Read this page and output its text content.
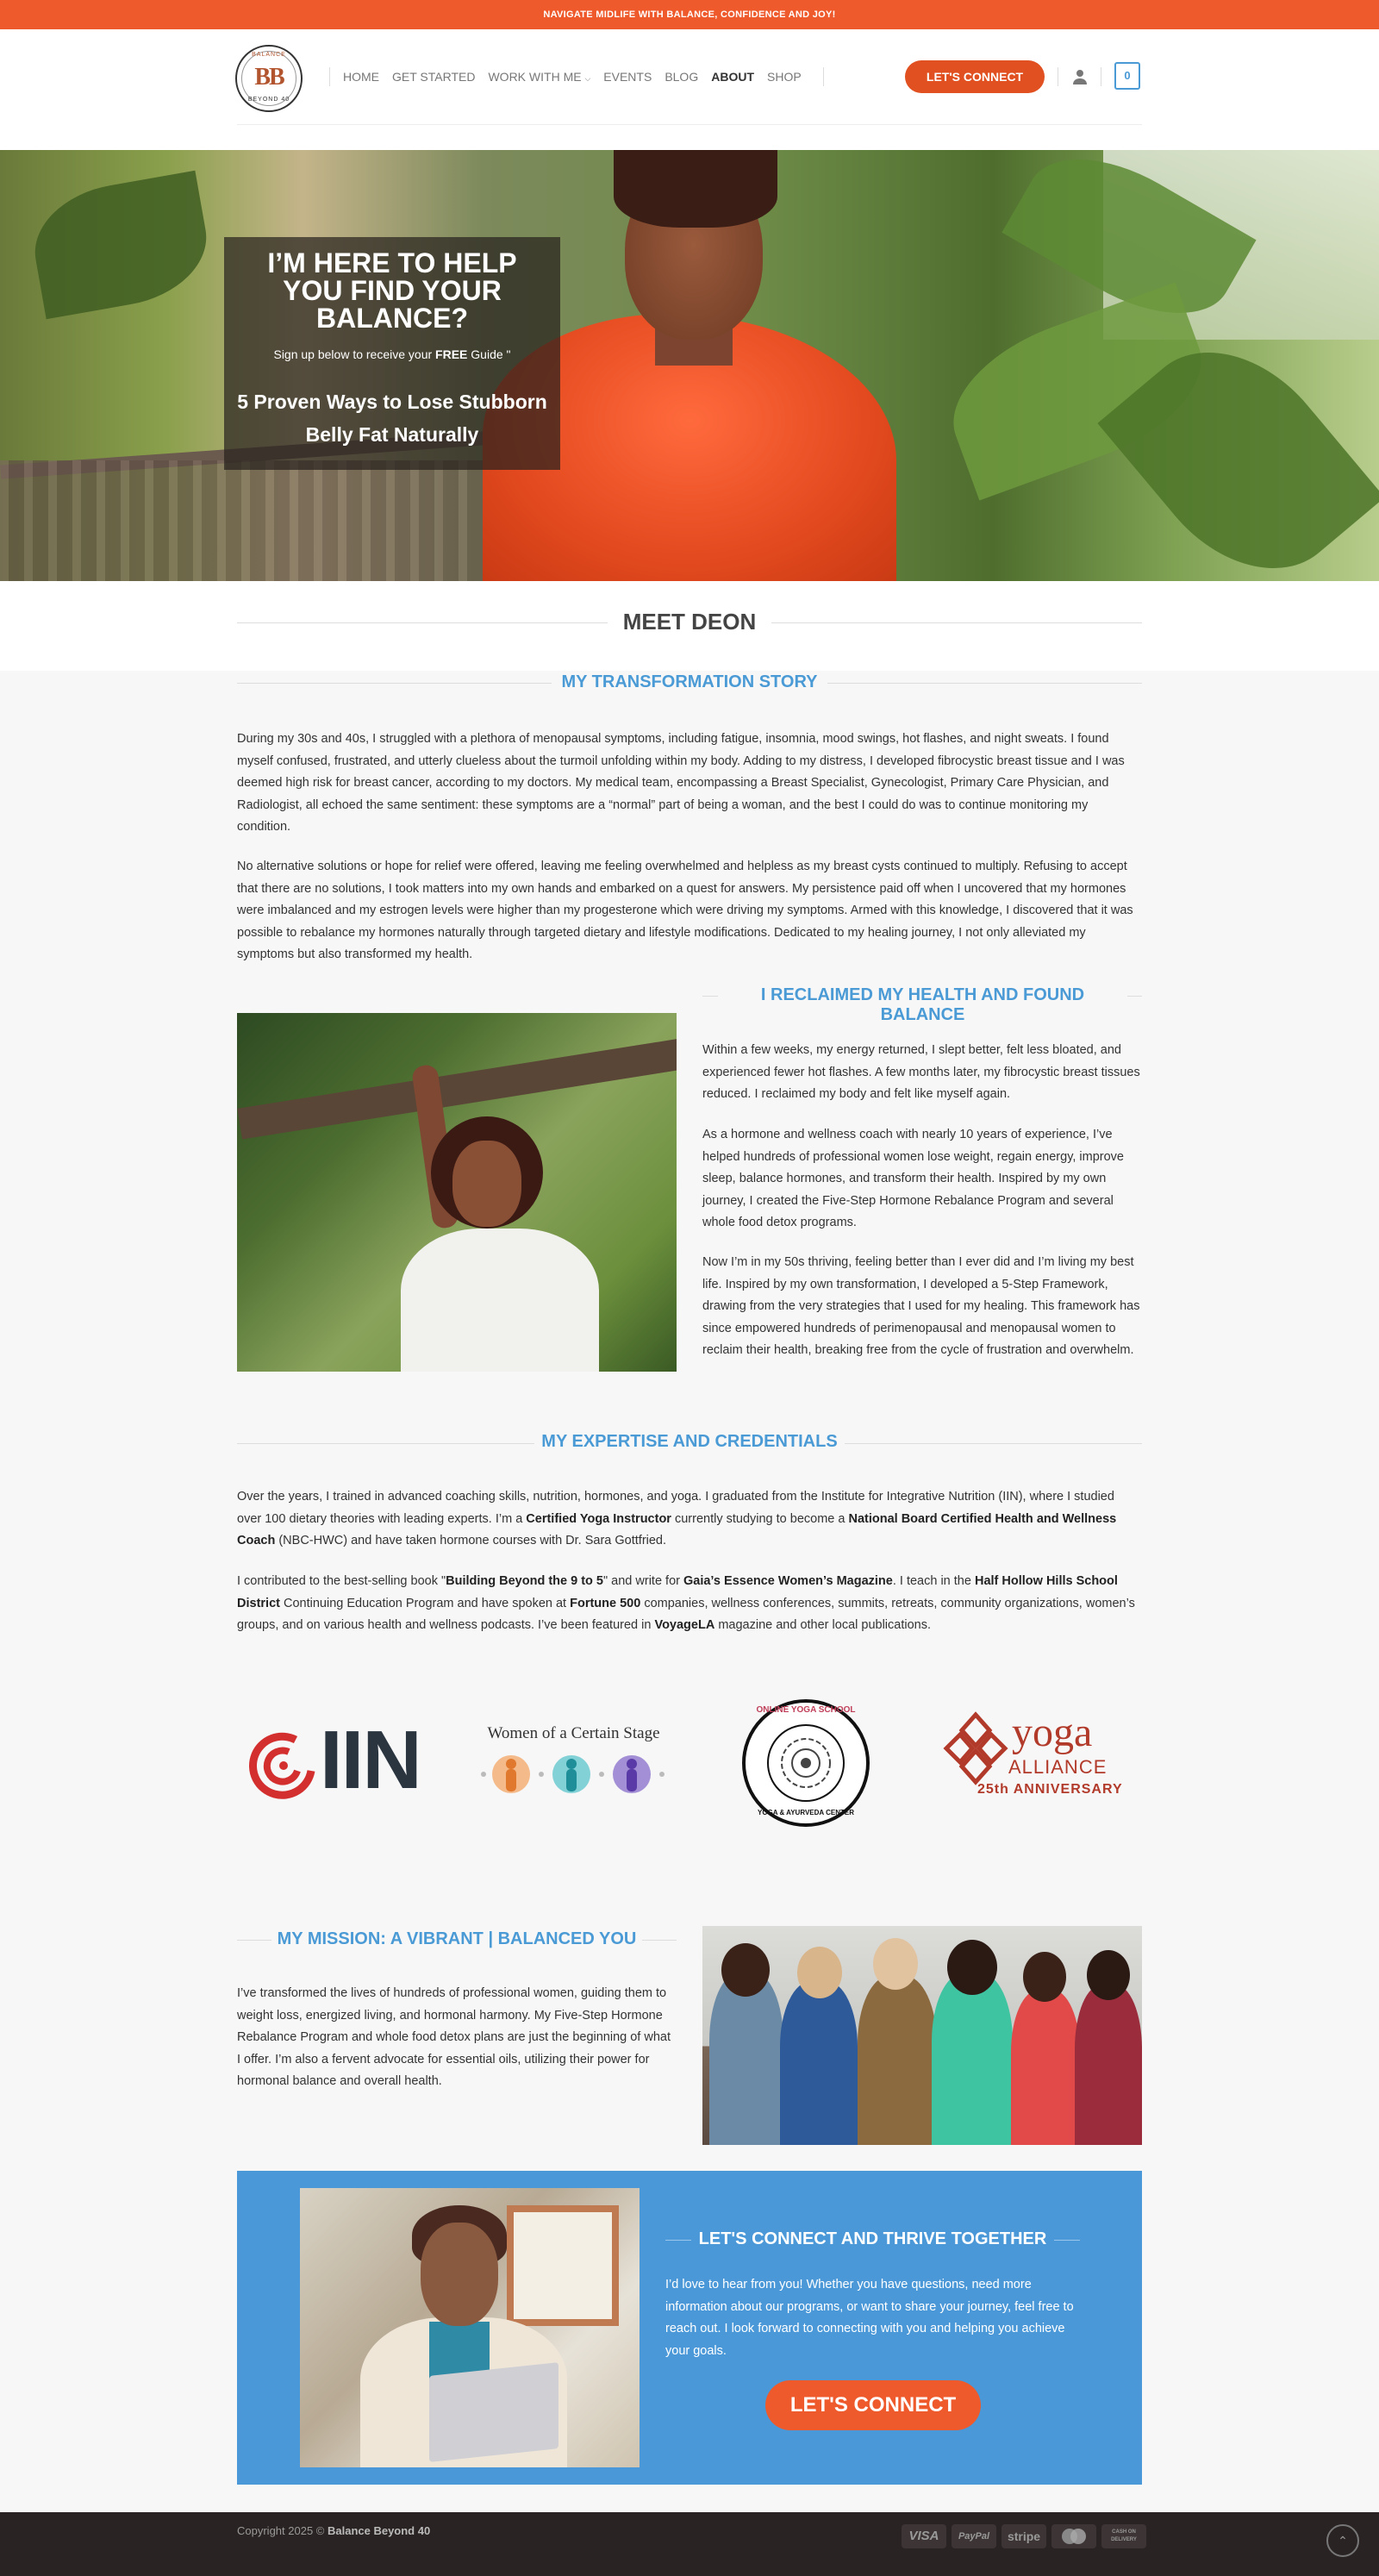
NAVIGATE MIDLIFE WITH BALANCE, CONFIDENCE AND JOY!
BALANCE
BB
BEYOND 40
HOME GET STARTED WORK WITH ME ⌵ EVENTS BLOG ABOUT SHOP	LET'S CONNECT	0
I’M HERE TO HELP YOU FIND YOUR BALANCE?
Sign up below to receive your FREE Guide "
5 Proven Ways to Lose Stubborn Belly Fat Naturally
MEET DEON
MY TRANSFORMATION STORY
During my 30s and 40s, I struggled with a plethora of menopausal symptoms, including fatigue, insomnia, mood swings, hot flashes, and night sweats. I found myself confused, frustrated, and utterly clueless about the turmoil unfolding within my body. Adding to my distress, I developed fibrocystic breast tissue and I was deemed high risk for breast cancer, according to my doctors. My medical team, encompassing a Breast Specialist, Gynecologist, Primary Care Physician, and Radiologist, all echoed the same sentiment: these symptoms are a “normal” part of being a woman, and the best I could do was to continue monitoring my condition.
No alternative solutions or hope for relief were offered, leaving me feeling overwhelmed and helpless as my breast cysts continued to multiply. Refusing to accept that there are no solutions, I took matters into my own hands and embarked on a quest for answers. My persistence paid off when I uncovered that my hormones were imbalanced and my estrogen levels were higher than my progesterone which were driving my symptoms. Armed with this knowledge, I discovered that it was possible to rebalance my hormones naturally through targeted dietary and lifestyle modifications. Dedicated to my healing journey, I not only alleviated my symptoms but also transformed my health.
I RECLAIMED MY HEALTH AND FOUND BALANCE
Within a few weeks, my energy returned, I slept better, felt less bloated, and experienced fewer hot flashes. A few months later, my fibrocystic breast tissues reduced. I reclaimed my body and felt like myself again.
As a hormone and wellness coach with nearly 10 years of experience, I’ve helped hundreds of professional women lose weight, regain energy, improve sleep, balance hormones, and transform their health. Inspired by my own journey, I created the Five-Step Hormone Rebalance Program and several whole food detox programs.
Now I’m in my 50s thriving, feeling better than I ever did and I’m living my best life. Inspired by my own transformation, I developed a 5-Step Framework, drawing from the very strategies that I used for my healing. This framework has since empowered hundreds of perimenopausal and menopausal women to reclaim their health, breaking free from the cycle of frustration and overwhelm.
MY EXPERTISE AND CREDENTIALS
Over the years, I trained in advanced coaching skills, nutrition, hormones, and yoga. I graduated from the Institute for Integrative Nutrition (IIN), where I studied over 100 dietary theories with leading experts. I’m a Certified Yoga Instructor currently studying to become a National Board Certified Health and Wellness Coach (NBC-HWC) and have taken hormone courses with Dr. Sara Gottfried.
I contributed to the best-selling book "Building Beyond the 9 to 5" and write for Gaia’s Essence Women’s Magazine. I teach in the Half Hollow Hills School District Continuing Education Program and have spoken at Fortune 500 companies, wellness conferences, summits, retreats, community organizations, women’s groups, and on various health and wellness podcasts. I’ve been featured in VoyageLA magazine and other local publications.
IIN	Women of a Certain Stage
ONLINE YOGA SCHOOL
YOGA & AYURVEDA CENTER
yoga
ALLIANCE
25th ANNIVERSARY
MY MISSION: A VIBRANT | BALANCED YOU
I’ve transformed the lives of hundreds of professional women, guiding them to weight loss, energized living, and hormonal harmony. My Five-Step Hormone Rebalance Program and whole food detox plans are just the beginning of what I offer. I’m also a fervent advocate for essential oils, utilizing their power for hormonal balance and overall health.
LET'S CONNECT AND THRIVE TOGETHER
I’d love to hear from you! Whether you have questions, need more information about our programs, or want to share your journey, feel free to reach out. I look forward to connecting with you and helping you achieve your goals.
LET'S CONNECT
Copyright 2025 © Balance Beyond 40	VISA	PayPal	stripe	CASH ON DELIVERY	⌃
